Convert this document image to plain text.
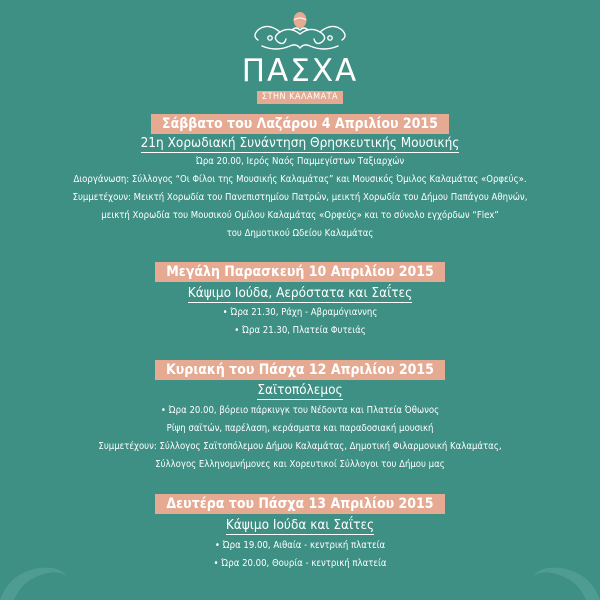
ΠΑΣΧΑ
ΣΤΗΝ ΚΑΛΑΜΑΤΑ
Σάββατο του Λαζάρου 4 Απριλίου 2015
21η Χορωδιακή Συνάντηση Θρησκευτικής Μουσικής
Ώρα 20.00, Ιερός Ναός Παμμεγίστων Ταξιαρχών
Διοργάνωση: Σύλλογος “Οι Φίλοι της Μουσικής Καλαμάτας” και Μουσικός Όμιλος Καλαμάτας «Ορφεύς».
Συμμετέχουν: Μεικτή Χορωδία του Πανεπιστημίου Πατρών, μεικτή Χορωδία του Δήμου Παπάγου Αθηνών,
μεικτή Χορωδία του Μουσικού Ομίλου Καλαμάτας «Ορφεύς» και το σύνολο εγχόρδων “Flex”
του Δημοτικού Ωδείου Καλαμάτας
Μεγάλη Παρασκευή 10 Απριλίου 2015
Κάψιμο Ιούδα, Αερόστατα και Σαΐτες
• Ώρα 21.30, Ράχη - Αβραμόγιαννης
• Ώρα 21.30, Πλατεία Φυτειάς
Κυριακή του Πάσχα 12 Απριλίου 2015
Σαϊτοπόλεμος
• Ώρα 20.00, βόρειο πάρκινγκ του Νέδοντα και Πλατεία Όθωνος
Ρίψη σαϊτών, παρέλαση, κεράσματα και παραδοσιακή μουσική
Συμμετέχουν: Σύλλογος Σαϊτοπόλεμου Δήμου Καλαμάτας, Δημοτική Φιλαρμονική Καλαμάτας,
Σύλλογος Ελληνομνήμονες και Χορευτικοί Σύλλογοι του Δήμου μας
Δευτέρα του Πάσχα 13 Απριλίου 2015
Κάψιμο Ιούδα και Σαΐτες
• Ώρα 19.00, Αιθαία - κεντρική πλατεία
• Ώρα 20.00, Θουρία - κεντρική πλατεία
